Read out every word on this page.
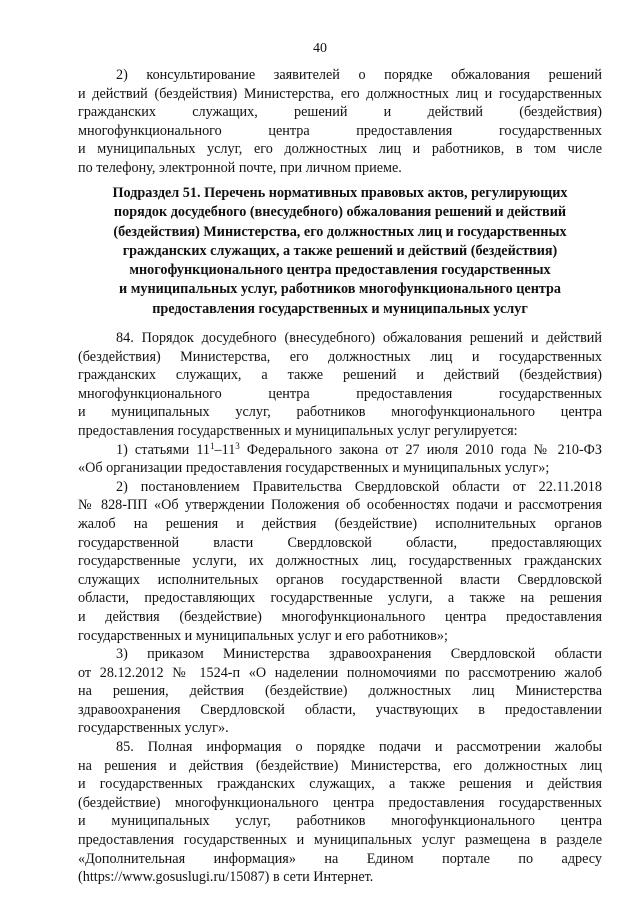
40

2) консультирование заявителей о порядке обжалования решений

и действий (бездействия) Министерства, его должностных лиц и государственных

гражданских служащих, решений и действий (бездействия)

многофункционального центра предоставления государственных

и муниципальных услуг, его должностных лиц и работников, в том числе

по телефону, электронной почте, при личном приеме.

Подраздел 51. Перечень нормативных правовых актов, регулирующих

порядок досудебного (внесудебного) обжалования решений и действий

(бездействия) Министерства, его должностных лиц и государственных

гражданских служащих, а также решений и действий (бездействия)

многофункционального центра предоставления государственных

и муниципальных услуг, работников многофункционального центра

предоставления государственных и муниципальных услуг

84. Порядок досудебного (внесудебного) обжалования решений и действий

(бездействия) Министерства, его должностных лиц и государственных

гражданских служащих, а также решений и действий (бездействия)

многофункционального центра предоставления государственных

и муниципальных услуг, работников многофункционального центра

предоставления государственных и муниципальных услуг регулируется:

1) статьями $11^1-11^3$ Федерального закона от 27 июля 2010 года № 210-ФЗ

«Об организации предоставления государственных и муниципальных услуг»;

2) постановлением Правительства Свердловской области от 22.11.2018

№ 828-ПП «Об утверждении Положения об особенностях подачи и рассмотрения

жалоб на решения и действия (бездействие) исполнительных органов

государственной власти Свердловской области, предоставляющих

государственные услуги, их должностных лиц, государственных гражданских

служащих исполнительных органов государственной власти Свердловской

области, предоставляющих государственные услуги, а также на решения

и действия (бездействие) многофункционального центра предоставления

государственных и муниципальных услуг и его работников»;

3) приказом Министерства здравоохранения Свердловской области

от 28.12.2012 № 1524-п «О наделении полномочиями по рассмотрению жалоб

на решения, действия (бездействие) должностных лиц Министерства

здравоохранения Свердловской области, участвующих в предоставлении

государственных услуг».

85. Полная информация о порядке подачи и рассмотрении жалобы

на решения и действия (бездействие) Министерства, его должностных лиц

и государственных гражданских служащих, а также решения и действия

(бездействие) многофункционального центра предоставления государственных

и муниципальных услуг, работников многофункционального центра

предоставления государственных и муниципальных услуг размещена в разделе

«Дополнительная информация» на Едином портале по адресу

(https://www.gosuslugi.ru/15087) в сети Интернет.
